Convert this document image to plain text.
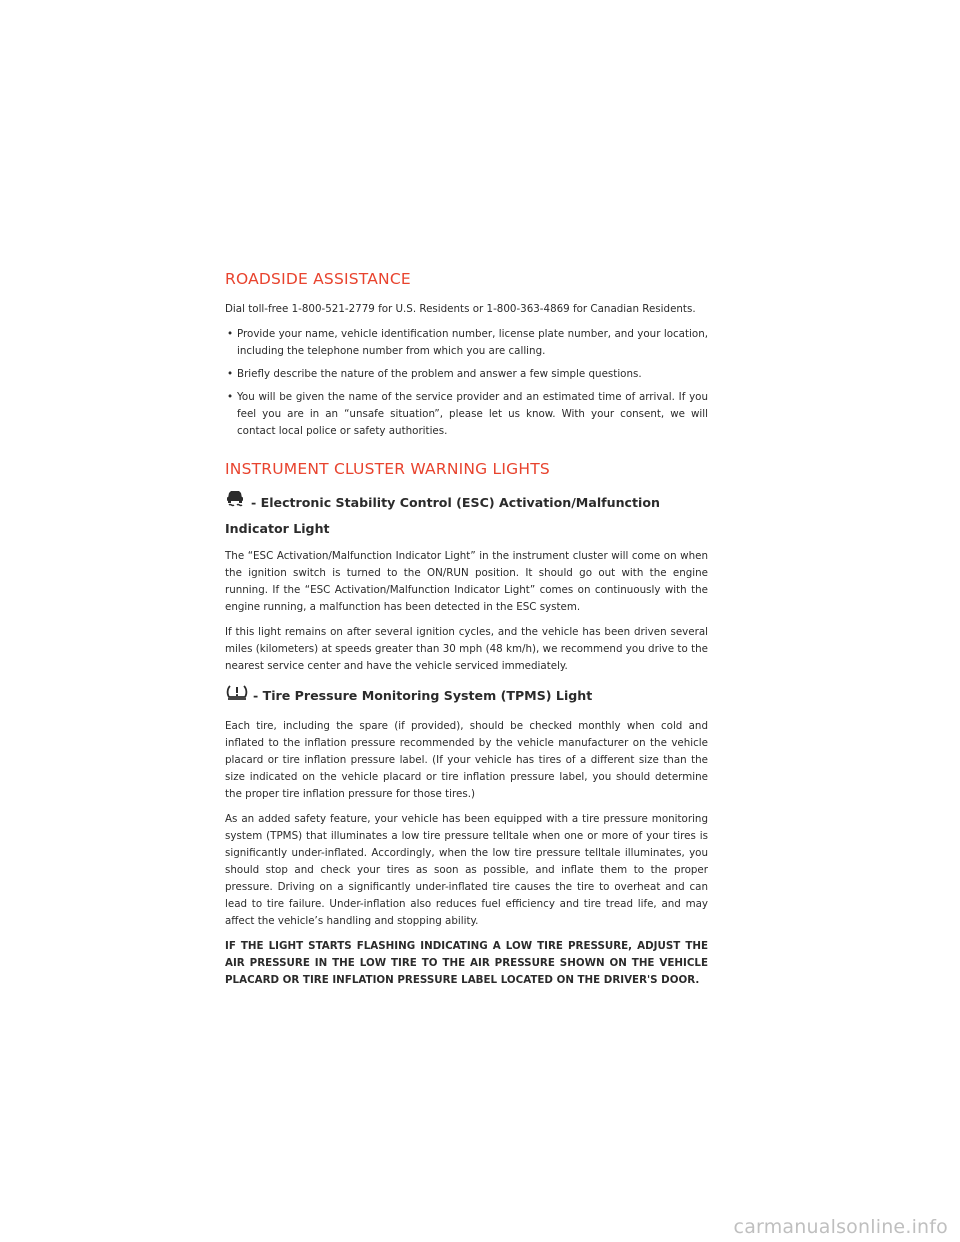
ROADSIDE ASSISTANCE

Dial toll-free 1-800-521-2779 for U.S. Residents or 1-800-363-4869 for Canadian Residents.

• Provide your name, vehicle identification number, license plate number, and your location, including the telephone number from which you are calling.
• Briefly describe the nature of the problem and answer a few simple questions.
• You will be given the name of the service provider and an estimated time of arrival. If you feel you are in an “unsafe situation”, please let us know. With your consent, we will contact local police or safety authorities.
INSTRUMENT CLUSTER WARNING LIGHTS
- Electronic Stability Control (ESC) Activation/Malfunction Indicator Light

The “ESC Activation/Malfunction Indicator Light” in the instrument cluster will come on when the ignition switch is turned to the ON/RUN position. It should go out with the engine running. If the “ESC Activation/Malfunction Indicator Light” comes on continuously with the engine running, a malfunction has been detected in the ESC system.

If this light remains on after several ignition cycles, and the vehicle has been driven several miles (kilometers) at speeds greater than 30 mph (48 km/h), we recommend you drive to the nearest service center and have the vehicle serviced immediately.

- Tire Pressure Monitoring System (TPMS) Light

Each tire, including the spare (if provided), should be checked monthly when cold and inflated to the inflation pressure recommended by the vehicle manufacturer on the vehicle placard or tire inflation pressure label. (If your vehicle has tires of a different size than the size indicated on the vehicle placard or tire inflation pressure label, you should determine the proper tire inflation pressure for those tires.)

As an added safety feature, your vehicle has been equipped with a tire pressure monitoring system (TPMS) that illuminates a low tire pressure telltale when one or more of your tires is significantly under-inflated. Accordingly, when the low tire pressure telltale illuminates, you should stop and check your tires as soon as possible, and inflate them to the proper pressure. Driving on a significantly under-inflated tire causes the tire to overheat and can lead to tire failure. Under-inflation also reduces fuel efficiency and tire tread life, and may affect the vehicle’s handling and stopping ability.

IF THE LIGHT STARTS FLASHING INDICATING A LOW TIRE PRESSURE, ADJUST THE AIR PRESSURE IN THE LOW TIRE TO THE AIR PRESSURE SHOWN ON THE VEHICLE PLACARD OR TIRE INFLATION PRESSURE LABEL LOCATED ON THE DRIVER'S DOOR.
carmanualsonline.info
